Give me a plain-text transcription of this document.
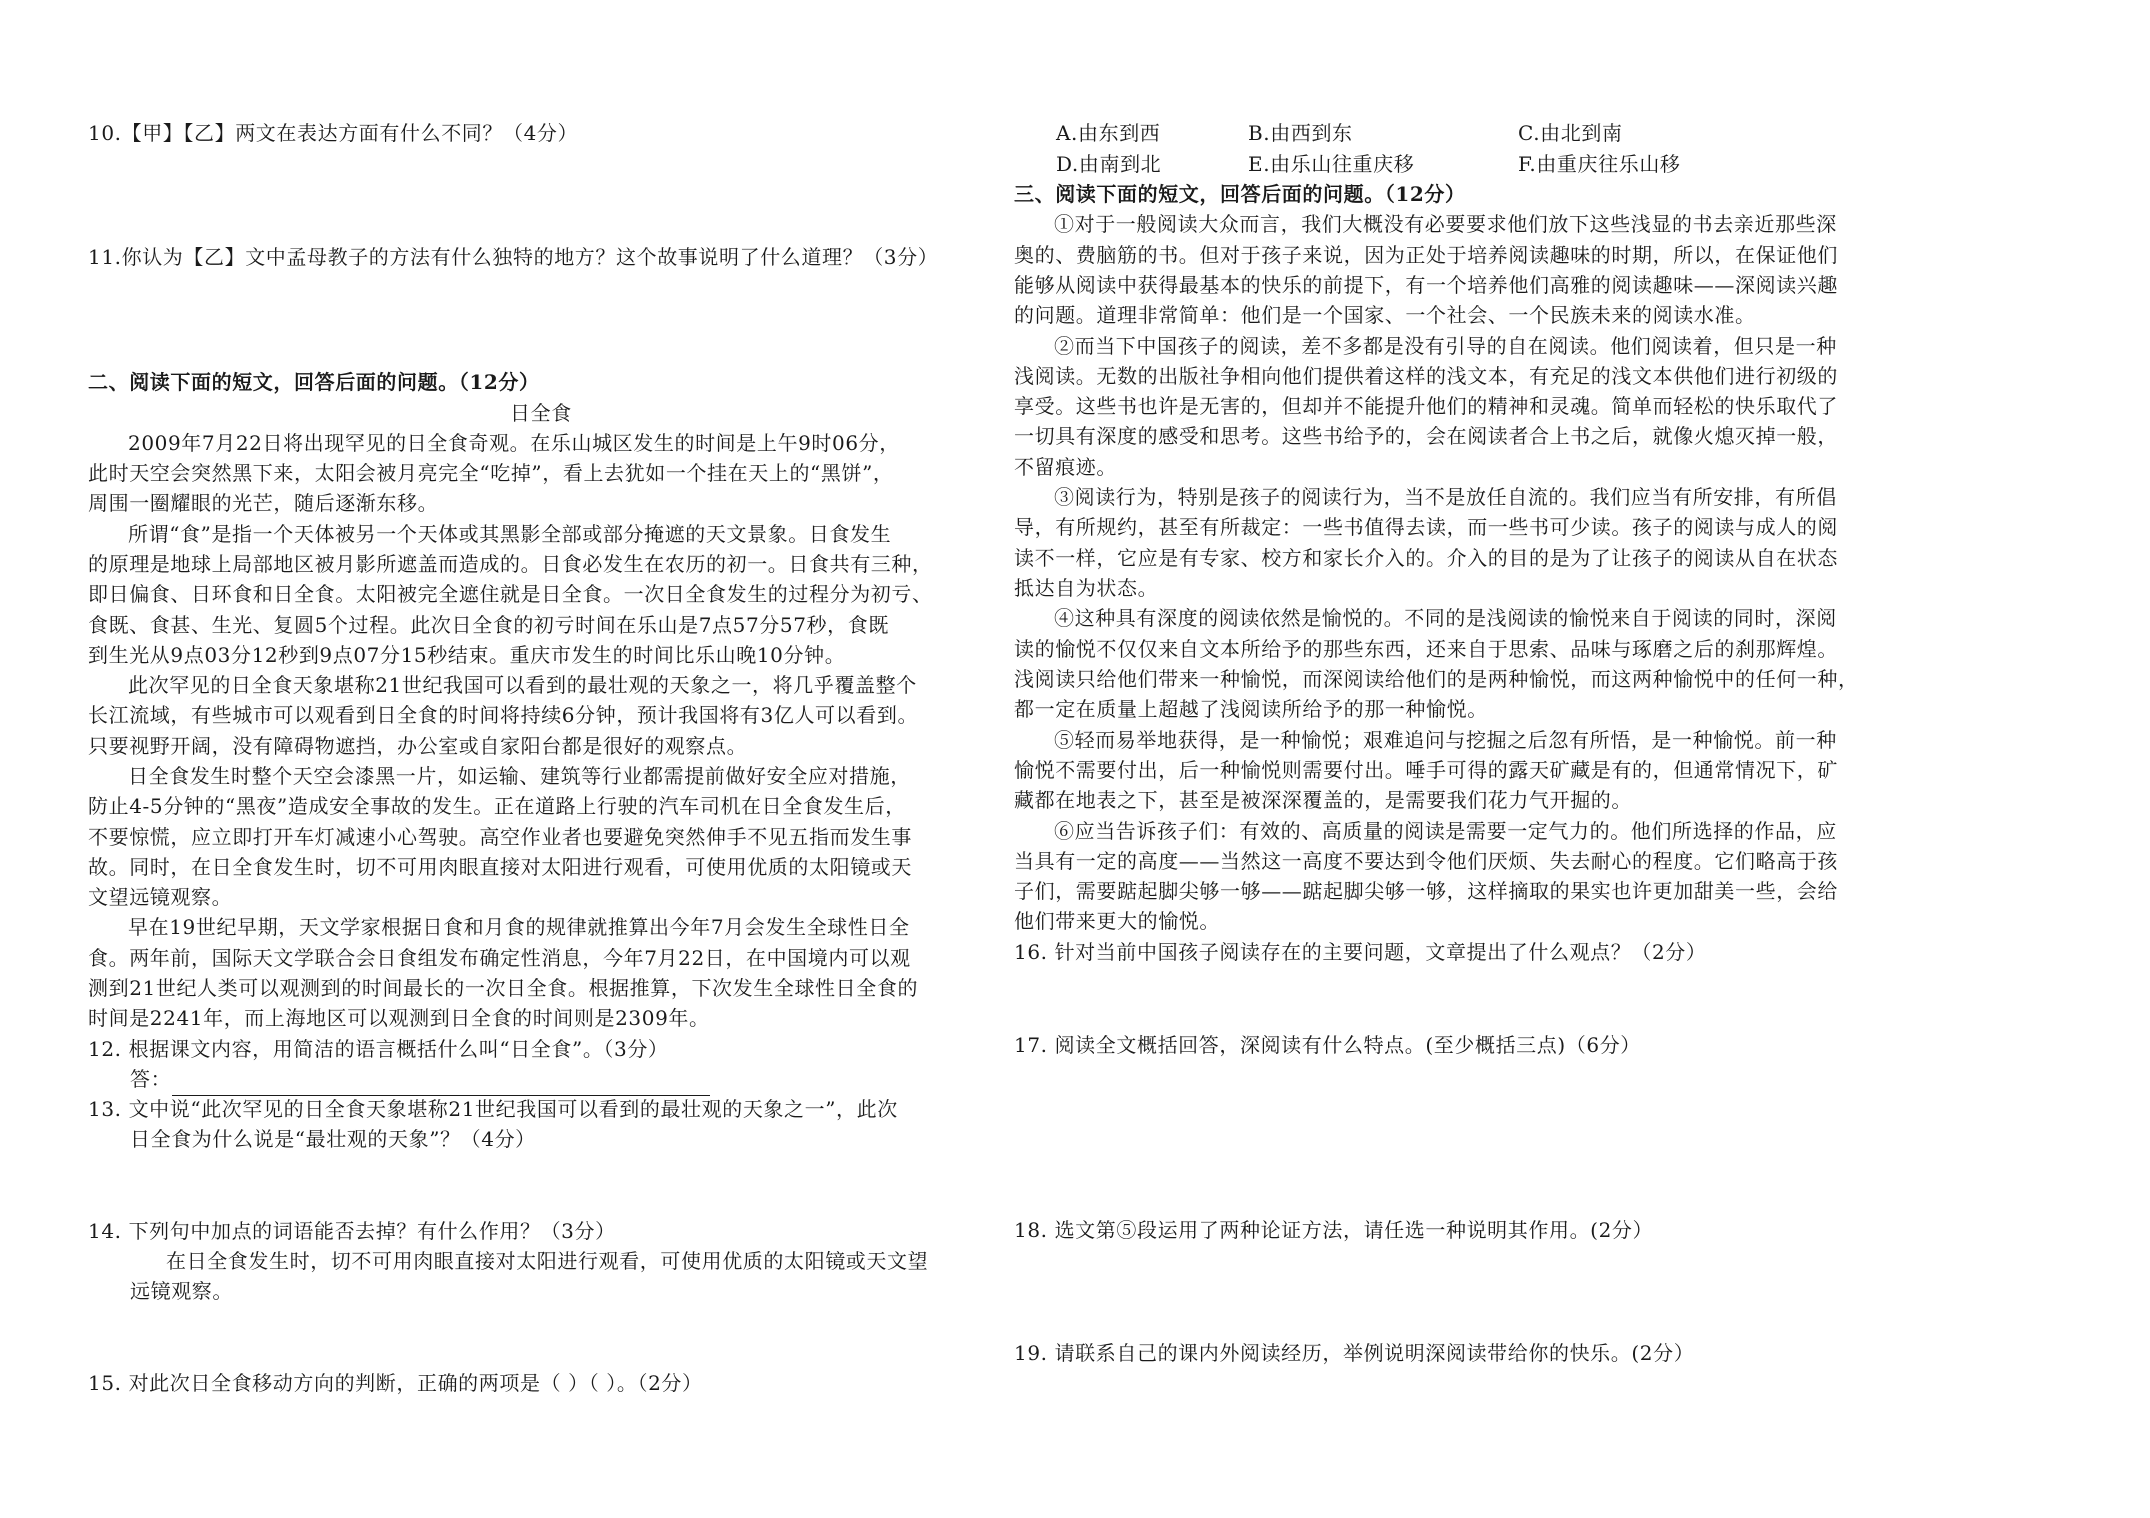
10.【甲】【乙】两文在表达方面有什么不同？（4分）
11.你认为【乙】文中孟母教子的方法有什么独特的地方？这个故事说明了什么道理？（3分）
二、阅读下面的短文，回答后面的问题。（12分）
日全食
2009年7月22日将出现罕见的日全食奇观。在乐山城区发生的时间是上午9时06分，
此时天空会突然黑下来，太阳会被月亮完全“吃掉”，看上去犹如一个挂在天上的“黑饼”，
周围一圈耀眼的光芒，随后逐渐东移。
所谓“食”是指一个天体被另一个天体或其黑影全部或部分掩遮的天文景象。日食发生
的原理是地球上局部地区被月影所遮盖而造成的。日食必发生在农历的初一。日食共有三种，
即日偏食、日环食和日全食。太阳被完全遮住就是日全食。一次日全食发生的过程分为初亏、
食既、食甚、生光、复圆5个过程。此次日全食的初亏时间在乐山是7点57分57秒，食既
到生光从9点03分12秒到9点07分15秒结束。重庆市发生的时间比乐山晚10分钟。
此次罕见的日全食天象堪称21世纪我国可以看到的最壮观的天象之一，将几乎覆盖整个
长江流域，有些城市可以观看到日全食的时间将持续6分钟，预计我国将有3亿人可以看到。
只要视野开阔，没有障碍物遮挡，办公室或自家阳台都是很好的观察点。
日全食发生时整个天空会漆黑一片，如运输、建筑等行业都需提前做好安全应对措施，
防止4-5分钟的“黑夜”造成安全事故的发生。正在道路上行驶的汽车司机在日全食发生后，
不要惊慌，应立即打开车灯减速小心驾驶。高空作业者也要避免突然伸手不见五指而发生事
故。同时，在日全食发生时，切不可用肉眼直接对太阳进行观看，可使用优质的太阳镜或天
文望远镜观察。
早在19世纪早期，天文学家根据日食和月食的规律就推算出今年7月会发生全球性日全
食。两年前，国际天文学联合会日食组发布确定性消息，今年7月22日，在中国境内可以观
测到21世纪人类可以观测到的时间最长的一次日全食。根据推算，下次发生全球性日全食的
时间是2241年，而上海地区可以观测到日全食的时间则是2309年。
12. 根据课文内容，用简洁的语言概括什么叫“日全食”。（3分）
答：
13. 文中说“此次罕见的日全食天象堪称21世纪我国可以看到的最壮观的天象之一”，此次
日全食为什么说是“最壮观的天象”？（4分）
14. 下列句中加点的词语能否去掉？有什么作用？（3分）
在日全食发生时，切不可用肉眼直接对太阳进行观看，可使用优质的太阳镜或天文望
远镜观察。
15. 对此次日全食移动方向的判断，正确的两项是（ ）（ ）。（2分）
A.由东到西	B.由西到东	C.由北到南
D.由南到北	E.由乐山往重庆移	F.由重庆往乐山移
三、阅读下面的短文，回答后面的问题。（12分）
①对于一般阅读大众而言，我们大概没有必要要求他们放下这些浅显的书去亲近那些深
奥的、费脑筋的书。但对于孩子来说，因为正处于培养阅读趣味的时期，所以，在保证他们
能够从阅读中获得最基本的快乐的前提下，有一个培养他们高雅的阅读趣味——深阅读兴趣
的问题。道理非常简单：他们是一个国家、一个社会、一个民族未来的阅读水准。
②而当下中国孩子的阅读，差不多都是没有引导的自在阅读。他们阅读着，但只是一种
浅阅读。无数的出版社争相向他们提供着这样的浅文本，有充足的浅文本供他们进行初级的
享受。这些书也许是无害的，但却并不能提升他们的精神和灵魂。简单而轻松的快乐取代了
一切具有深度的感受和思考。这些书给予的，会在阅读者合上书之后，就像火熄灭掉一般，
不留痕迹。
③阅读行为，特别是孩子的阅读行为，当不是放任自流的。我们应当有所安排，有所倡
导，有所规约，甚至有所裁定：一些书值得去读，而一些书可少读。孩子的阅读与成人的阅
读不一样，它应是有专家、校方和家长介入的。介入的目的是为了让孩子的阅读从自在状态
抵达自为状态。
④这种具有深度的阅读依然是愉悦的。不同的是浅阅读的愉悦来自于阅读的同时，深阅
读的愉悦不仅仅来自文本所给予的那些东西，还来自于思索、品味与琢磨之后的刹那辉煌。
浅阅读只给他们带来一种愉悦，而深阅读给他们的是两种愉悦，而这两种愉悦中的任何一种，
都一定在质量上超越了浅阅读所给予的那一种愉悦。
⑤轻而易举地获得，是一种愉悦；艰难追问与挖掘之后忽有所悟，是一种愉悦。前一种
愉悦不需要付出，后一种愉悦则需要付出。唾手可得的露天矿藏是有的，但通常情况下，矿
藏都在地表之下，甚至是被深深覆盖的，是需要我们花力气开掘的。
⑥应当告诉孩子们：有效的、高质量的阅读是需要一定气力的。他们所选择的作品，应
当具有一定的高度——当然这一高度不要达到令他们厌烦、失去耐心的程度。它们略高于孩
子们，需要踮起脚尖够一够——踮起脚尖够一够，这样摘取的果实也许更加甜美一些，会给
他们带来更大的愉悦。
16. 针对当前中国孩子阅读存在的主要问题，文章提出了什么观点？（2分）
17. 阅读全文概括回答，深阅读有什么特点。(至少概括三点)（6分）
18. 选文第⑤段运用了两种论证方法，请任选一种说明其作用。(2分）
19. 请联系自己的课内外阅读经历，举例说明深阅读带给你的快乐。(2分）
